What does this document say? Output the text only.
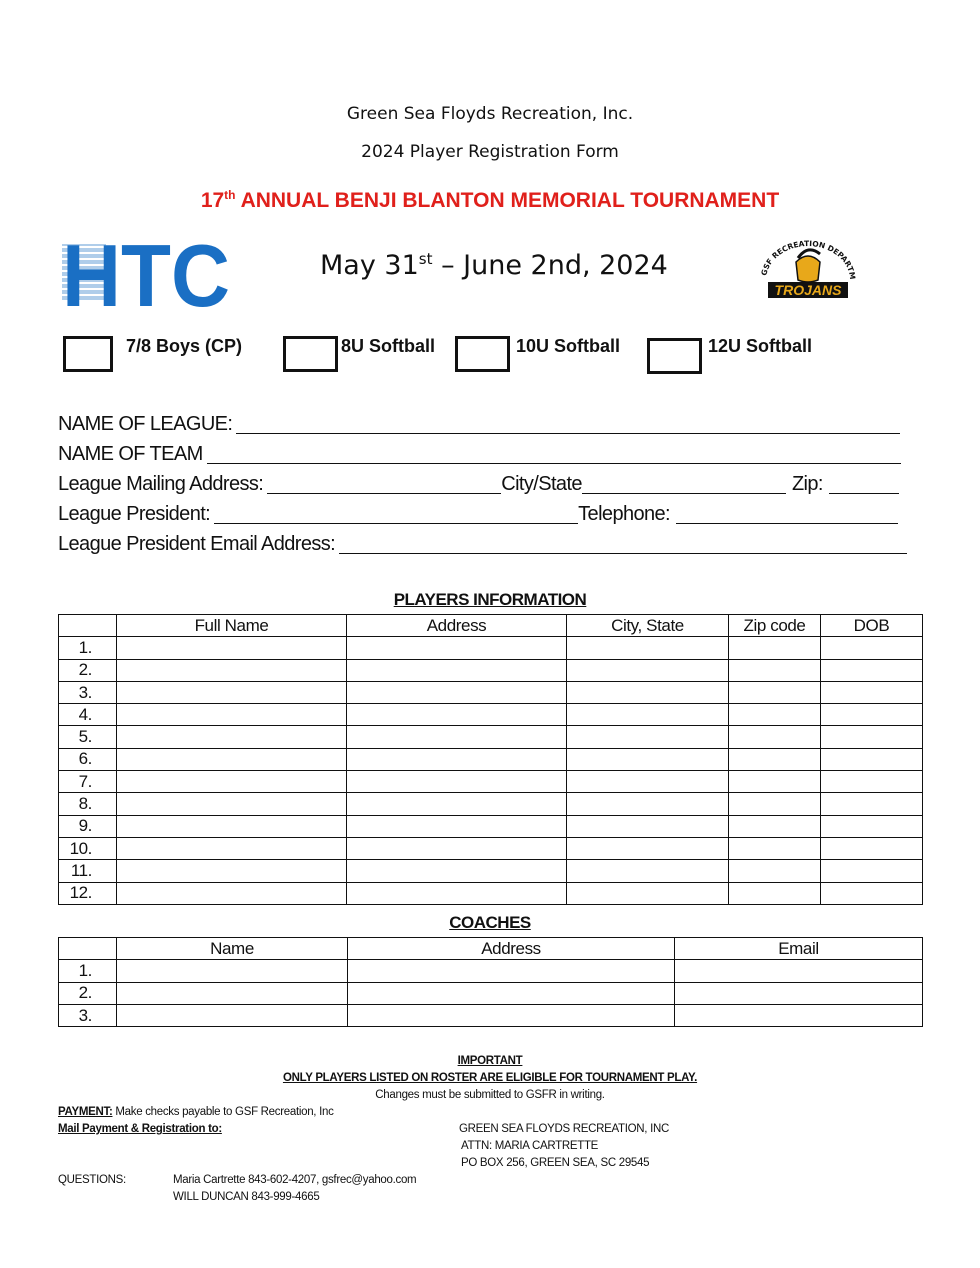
Green Sea Floyds Recreation, Inc.
2024 Player Registration Form
17th ANNUAL BENJI BLANTON MEMORIAL TOURNAMENT
HTC	May 31st – June 2nd, 2024	GSF RECREATION DEPARTM
TROJANS
7/8 Boys (CP)	8U Softball	10U Softball	12U Softball
NAME OF LEAGUE:
NAME OF TEAM
League Mailing Address:	City/State	Zip:
League President:	Telephone:
League President Email Address:
PLAYERS INFORMATION
	Full Name	Address	City, State	Zip code	DOB
1.					
2.					
3.					
4.					
5.					
6.					
7.					
8.					
9.					
10.					
11.					
12.					
COACHES
	Name	Address	Email
1.			
2.			
3.			
IMPORTANT
ONLY PLAYERS LISTED ON ROSTER ARE ELIGIBLE FOR TOURNAMENT PLAY.
Changes must be submitted to GSFR in writing.
PAYMENT: Make checks payable to GSF Recreation, Inc
Mail Payment & Registration to:	GREEN SEA FLOYDS RECREATION, INC
ATTN: MARIA CARTRETTE
PO BOX 256, GREEN SEA, SC 29545
QUESTIONS:	Maria Cartrette 843-602-4207, gsfrec@yahoo.com
WILL DUNCAN 843-999-4665
